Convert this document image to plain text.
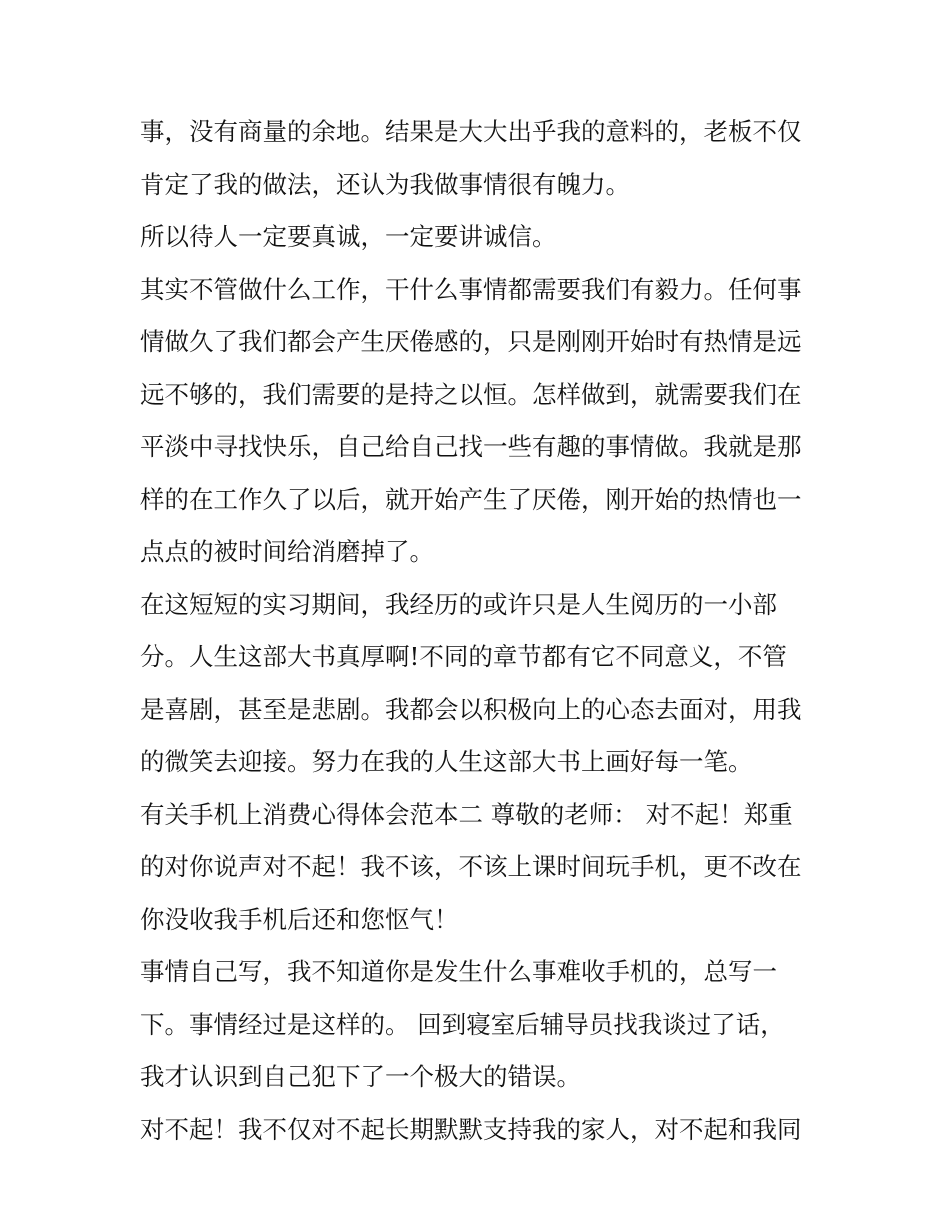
事，没有商量的余地。结果是大大出乎我的意料的，老板不仅
肯定了我的做法，还认为我做事情很有魄力。
所以待人一定要真诚，一定要讲诚信。
其实不管做什么工作，干什么事情都需要我们有毅力。任何事
情做久了我们都会产生厌倦感的，只是刚刚开始时有热情是远
远不够的，我们需要的是持之以恒。怎样做到，就需要我们在
平淡中寻找快乐，自己给自己找一些有趣的事情做。我就是那
样的在工作久了以后，就开始产生了厌倦，刚开始的热情也一
点点的被时间给消磨掉了。
在这短短的实习期间，我经历的或许只是人生阅历的一小部
分。人生这部大书真厚啊!不同的章节都有它不同意义，不管
是喜剧，甚至是悲剧。我都会以积极向上的心态去面对，用我
的微笑去迎接。努力在我的人生这部大书上画好每一笔。
有关手机上消费心得体会范本二 尊敬的老师： 对不起！郑重
的对你说声对不起！我不该，不该上课时间玩手机，更不改在
你没收我手机后还和您怄气！
事情自己写，我不知道你是发生什么事难收手机的，总写一
下。事情经过是这样的。 回到寝室后辅导员找我谈过了话，
我才认识到自己犯下了一个极大的错误。
对不起！我不仅对不起长期默默支持我的家人，对不起和我同
